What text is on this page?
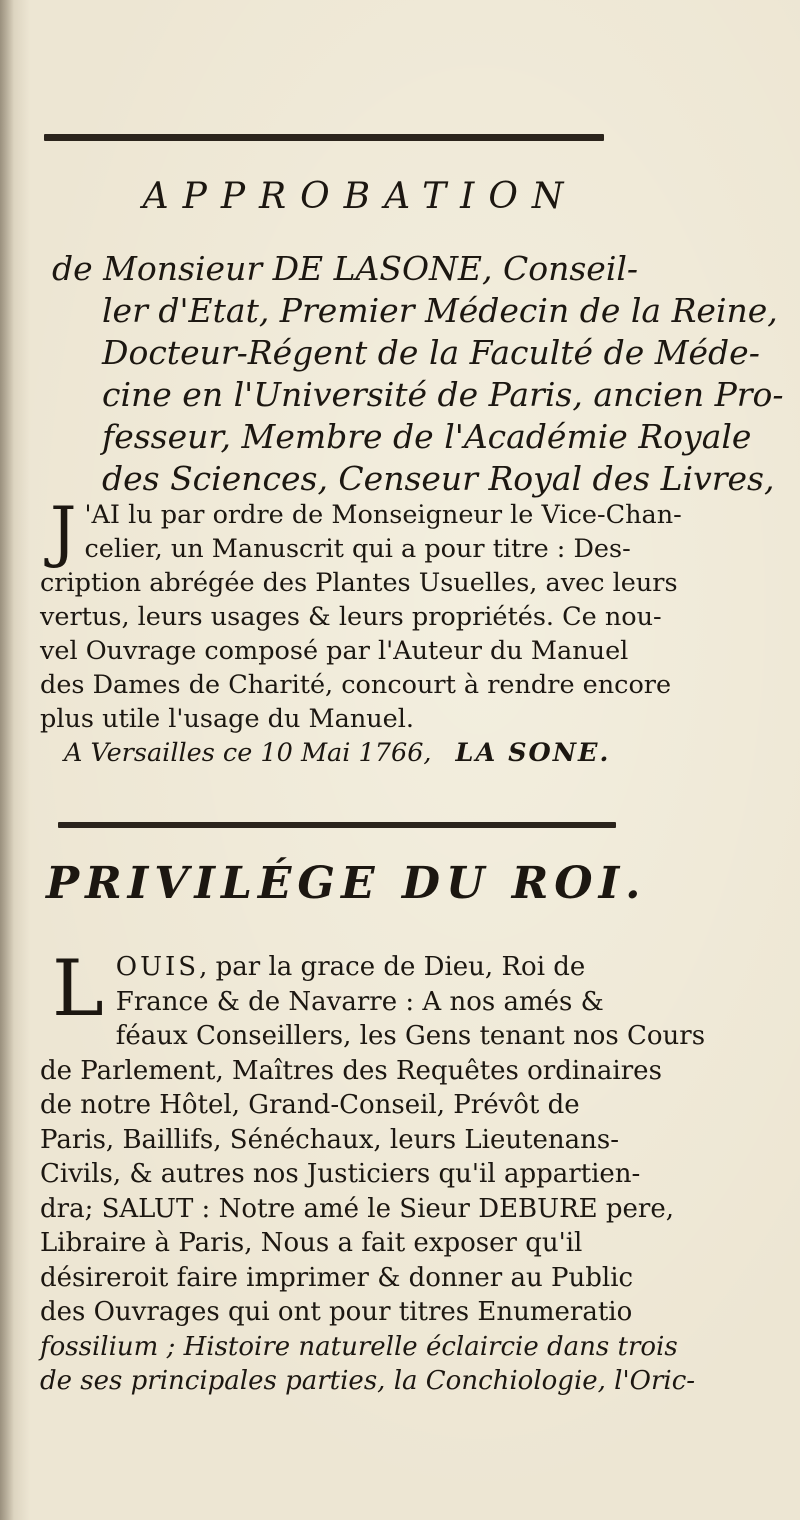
APPROBATION
de Monsieur DE LASONE, Conseil-
ler d'Etat, Premier Médecin de la Reine,
Docteur-Régent de la Faculté de Méde-
cine en l'Université de Paris, ancien Pro-
fesseur, Membre de l'Académie Royale
des Sciences, Censeur Royal des Livres,
J 'AI lu par ordre de Monseigneur le Vice-Chan-
celier, un Manuscrit qui a pour titre : Des-
cription abrégée des Plantes Usuelles, avec leurs
vertus, leurs usages & leurs propriétés. Ce nou-
vel Ouvrage composé par l'Auteur du Manuel
des Dames de Charité, concourt à rendre encore
plus utile l'usage du Manuel.
A Versailles ce 10 Mai 1766, LA SONE.
PRIVILÉGE DU ROI.
L OUIS, par la grace de Dieu, Roi de
France & de Navarre : A nos amés &
féaux Conseillers, les Gens tenant nos Cours
de Parlement, Maîtres des Requêtes ordinaires
de notre Hôtel, Grand-Conseil, Prévôt de
Paris, Baillifs, Sénéchaux, leurs Lieutenans-
Civils, & autres nos Justiciers qu'il appartien-
dra; SALUT : Notre amé le Sieur DEBURE pere,
Libraire à Paris, Nous a fait exposer qu'il
désireroit faire imprimer & donner au Public
des Ouvrages qui ont pour titres Enumeratio
fossilium ; Histoire naturelle éclaircie dans trois
de ses principales parties, la Conchiologie, l'Oric-
